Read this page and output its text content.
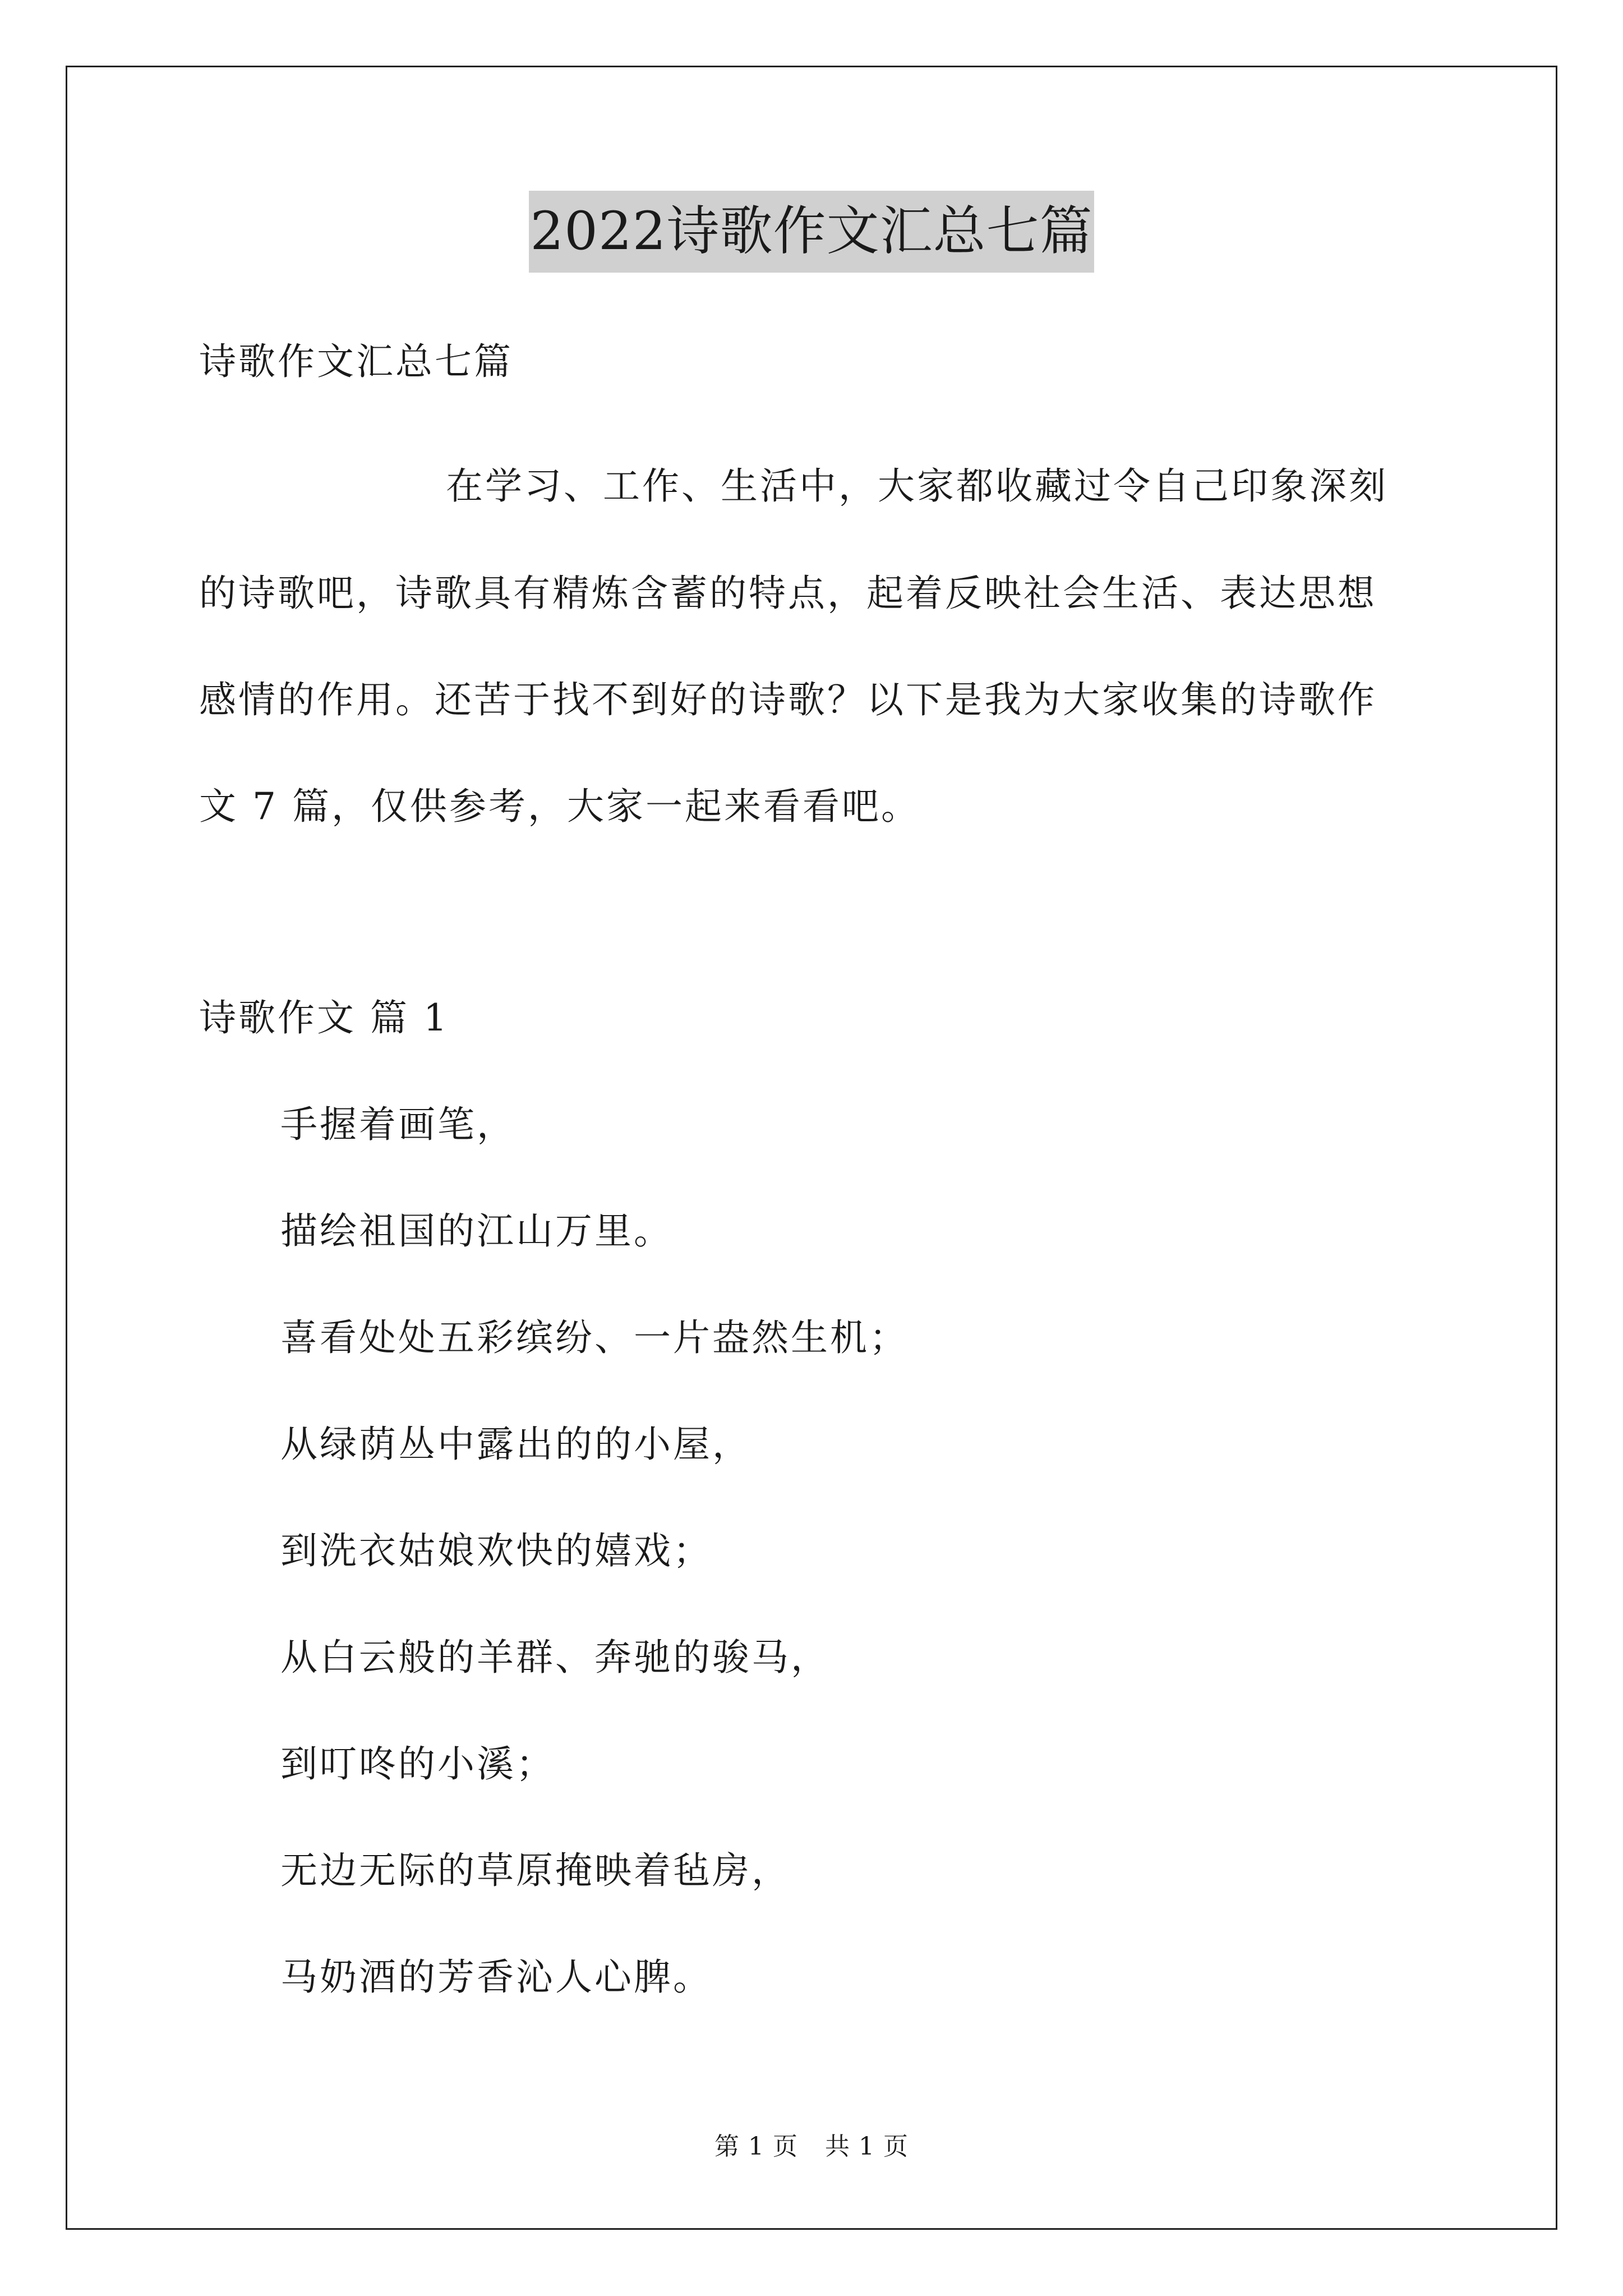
2022诗歌作文汇总七篇
诗歌作文汇总七篇
在学习、工作、生活中，大家都收藏过令自己印象深刻
的诗歌吧，诗歌具有精炼含蓄的特点，起着反映社会生活、表达思想
感情的作用。还苦于找不到好的诗歌？以下是我为大家收集的诗歌作
文 7 篇，仅供参考，大家一起来看看吧。
诗歌作文 篇 1
手握着画笔，
描绘祖国的江山万里。
喜看处处五彩缤纷、一片盎然生机；
从绿荫丛中露出的的小屋，
到洗衣姑娘欢快的嬉戏；
从白云般的羊群、奔驰的骏马，
到叮咚的小溪；
无边无际的草原掩映着毡房，
马奶酒的芳香沁人心脾。
第 1 页 共 1 页
